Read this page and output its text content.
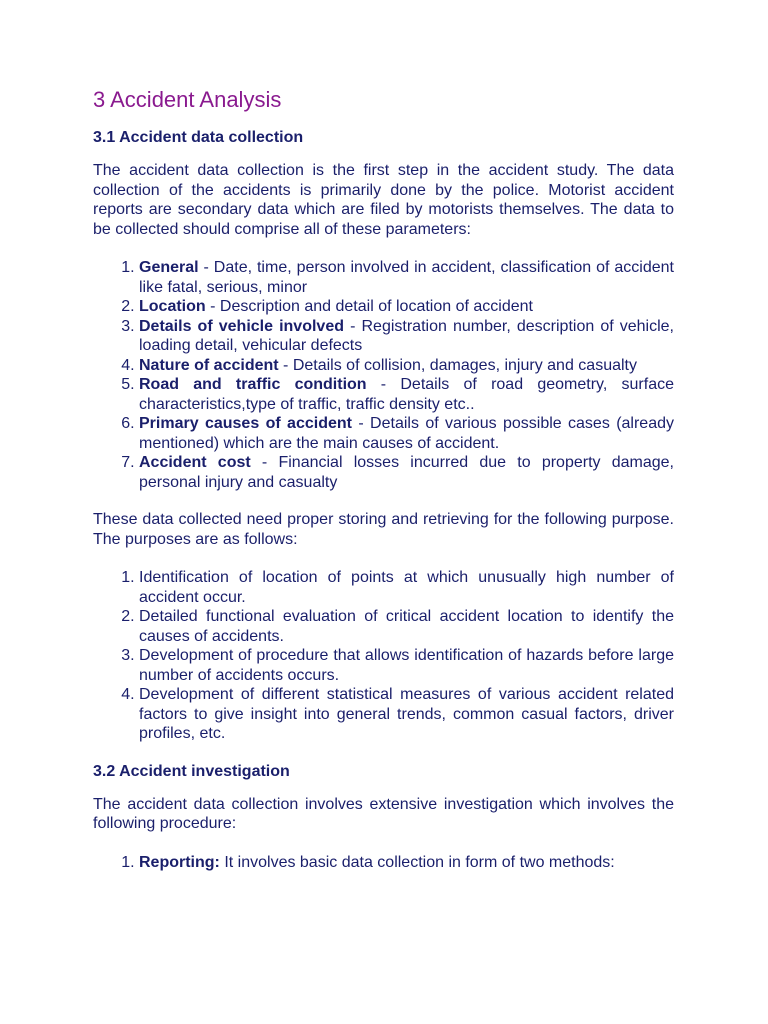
3 Accident Analysis
3.1 Accident data collection

The accident data collection is the first step in the accident study. The data collection of the accidents is primarily done by the police. Motorist accident reports are secondary data which are filed by motorists themselves. The data to be collected should comprise all of these parameters:

1. General - Date, time, person involved in accident, classification of accident like fatal, serious, minor
2. Location - Description and detail of location of accident
3. Details of vehicle involved - Registration number, description of vehicle, loading detail, vehicular defects
4. Nature of accident - Details of collision, damages, injury and casualty
5. Road and traffic condition - Details of road geometry, surface characteristics,type of traffic, traffic density etc..
6. Primary causes of accident - Details of various possible cases (already mentioned) which are the main causes of accident.
7. Accident cost - Financial losses incurred due to property damage, personal injury and casualty

These data collected need proper storing and retrieving for the following purpose. The purposes are as follows:

1. Identification of location of points at which unusually high number of accident occur.
2. Detailed functional evaluation of critical accident location to identify the causes of accidents.
3. Development of procedure that allows identification of hazards before large number of accidents occurs.
4. Development of different statistical measures of various accident related factors to give insight into general trends, common casual factors, driver profiles, etc.
3.2 Accident investigation

The accident data collection involves extensive investigation which involves the following procedure:

1. Reporting: It involves basic data collection in form of two methods:
